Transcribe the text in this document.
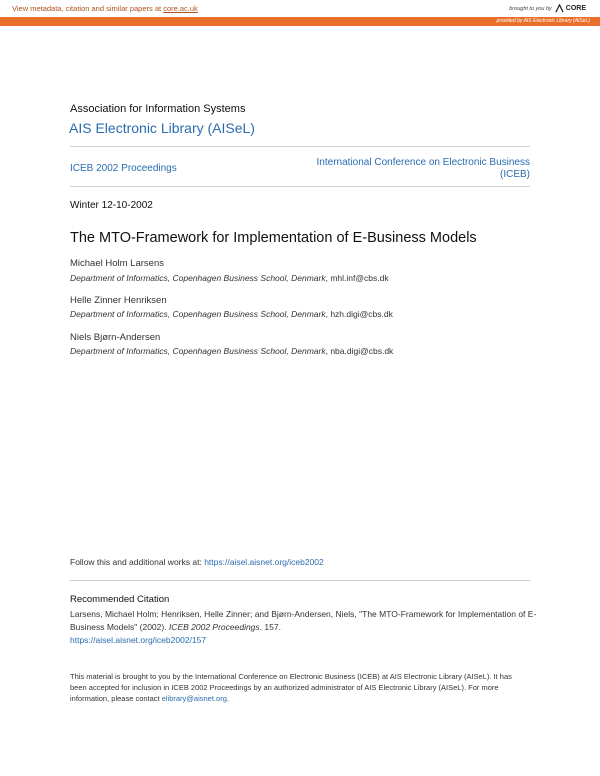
View metadata, citation and similar papers at core.ac.uk	brought to you by CORE
provided by AIS Electronic Library (AISeL)
Association for Information Systems
AIS Electronic Library (AISeL)
ICEB 2002 Proceedings
International Conference on Electronic Business
(ICEB)
Winter 12-10-2002
The MTO-Framework for Implementation of E-Business Models
Michael Holm Larsens
Department of Informatics, Copenhagen Business School, Denmark, mhl.inf@cbs.dk
Helle Zinner Henriksen
Department of Informatics, Copenhagen Business School, Denmark, hzh.digi@cbs.dk
Niels Bjørn-Andersen
Department of Informatics, Copenhagen Business School, Denmark, nba.digi@cbs.dk
Follow this and additional works at: https://aisel.aisnet.org/iceb2002
Recommended Citation
Larsens, Michael Holm; Henriksen, Helle Zinner; and Bjørn-Andersen, Niels, "The MTO-Framework for Implementation of E-Business Models" (2002). ICEB 2002 Proceedings. 157.
https://aisel.aisnet.org/iceb2002/157
This material is brought to you by the International Conference on Electronic Business (ICEB) at AIS Electronic Library (AISeL). It has been accepted for inclusion in ICEB 2002 Proceedings by an authorized administrator of AIS Electronic Library (AISeL). For more information, please contact elibrary@aisnet.org.
